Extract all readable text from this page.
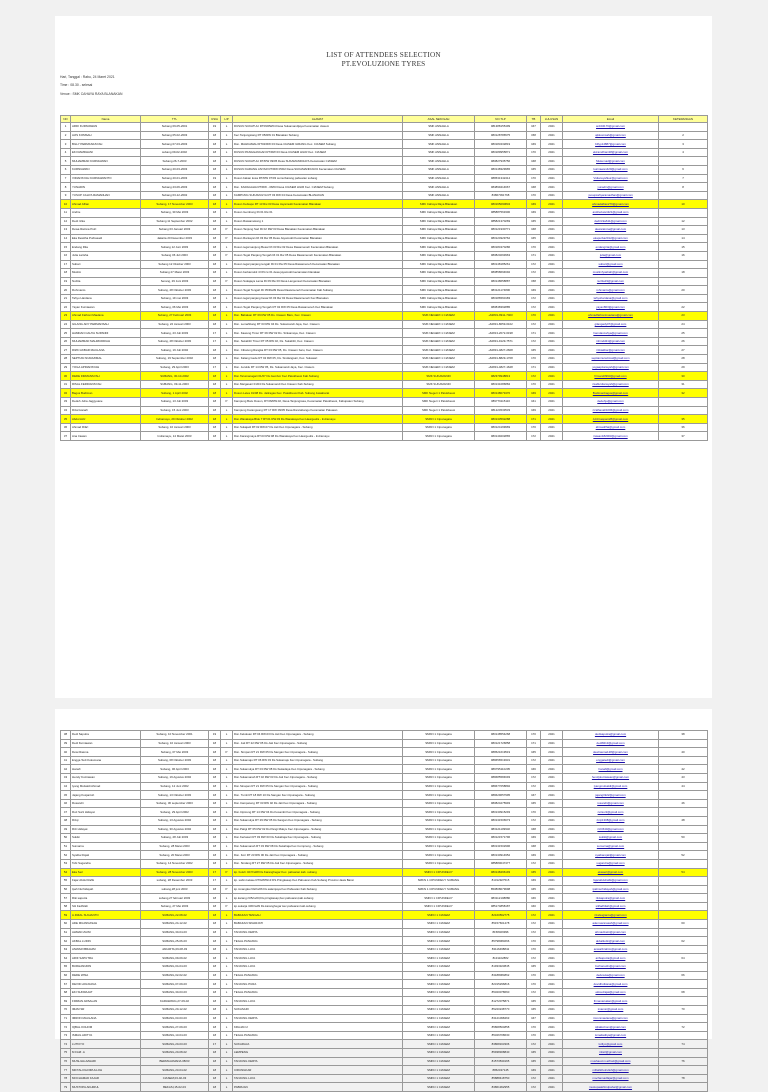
LIST OF ATTENDEES SELECTION
PT.EVOLUZIONE TYRES
Hari, Tanggal : Rabu, 24 Maret 2021
Time : 08.30 - selesai
Venue : SMK CAHAYA RAYA BLANAKAN
NO	Nama	TTL	USIA	L/P	ALAMAT	ASAL SEKOLAH	NO.TLP	TB	LULUSAN	Email	KETERANGAN
1	ARDI KURNIAWAN	Subang 09-05-2001	19	L	DUSUN SUKATULI RT09/RW04 Desa Sukamandijaya Kecamatan ciasem	SMK ANNAHLA	081388155499	167	2021	ardi04176@gmail.com	
2	AJIS KOMSAH	Subang 05-02-2003	18	L	Kec.Tanjungsiang RT 05/RW 01 Blanakan Subang	SMK ANNAHLA	083128786575	158	2021	ajiskomsah@gmail.com	2
3	BILLY PERMANASYAH	Subang 07-03-2003	18	L	Dsn. MAHKAMAH RT02/RW 03 Desa CIASEM GIRANG Kec. CIASEM Subang	SMK ANNAHLA	083183432819	169	2021	billyp14887@gmail.com	3
4	EKI RAMDHANI	subang 09-02-2002	18	L	DUSUN PANGGANGAN RT/RW 03 Desa CIASEM HILIR Kec. CIASEM	SMK ANNAHLA	083189955871	170	2021	ekiramdhani18@gmail.com	4
5	MUHAMMAD KURNIAWAN	Subang 26-7-2003	18	L	DUSUN SUKATULI RT/RW 09/05 Desa SUKAMANDIJAYA Kecamatan CIASEM	SMK ANNAHLA	083827935756	168	2021	Mukemad@gmail.com	
6	KURNIAWAN	Subang 20-03-2003	18	L	DUSUN KARANG ANYAR RT/RW 05/02 Desa SUKAMANDIJAYA Kecamatan CIASEM	SMK ANNAHLA	083148329965	165	2021	kurniawan420@gmail.com	6
7	VIDIANSYAH KURNIAWANTO	Subang 20-01-2003	19	L	Dusun bakan kosa RT/RW 07/03 sumurbarang pabuaran subang	SMK ANNAHLA	089531342414	170	2021	Vidiansyahkur@gmail.com	7
8	YUNADIN	Subang 23-06-2003	18	L	Dsn. KARAGAHA RT/RW - 08/03 Desa CIASEM HILIR Kec. CIASEM Subang	SMK ANNAHLA	084899414667	168	2021	yunadin@gmail.com	8
9	YUSUP CAHYA RAMADHAN	Subang 03-12-2002	18	L	KAMPUNG SUKAMULYA RT 03 RW 04 Desa Kecamatan BLANAKAN	SMK ANNAHLA	83867091768	170	2021	yusupcahyaramadhan@gmail.com	
10	Ahmad Alfian	Subang, 17 November 2003	18	L	Dusun Kerkapo RT 13 Rw 03 Desa Jayamukti Kecamatan Blanakan	SMK Cahaya Raya Blanakan	083165090834	169	2021	ahmadalfian279@gmail.com	10
11	Andrie	Subang, 30 Mei 2003	18	L	Dusun Gembong Rt 01 Rw 01	SMK Cahaya Raya Blanakan	085887563300	169	2021	andrieriwan321@gmail.com	
12	Dedi rizka	Subang 11 September 2002	18	L	Dusun Rawamekong 1	SMK Cahaya Raya Blanakan	085821370269	165	2021	dedirizka611@gmail.com	12
13	Dewa Ratnna Putri	Subang 03 Januari 2003	18	P	Dusun Tanjung Sari Rt 02 RW 03 Desa Blanakan Kecamatan Blanakan	SMK Cahaya Raya Blanakan	083121930771	168	2021	dewaratnna@gmail.com	13
14	Eka Dewitha Purbasadi	Jakarta 20 Desember 2003	18	P	Dusun Rantayan Rt 03 Rw 05 Desa Jayamukti Kecamatan Blanakan	SMK Cahaya Raya Blanakan	083124929762	165	2021	ekapurba2012@gmail.com	14
15	Endang Rita	Subang 12 Juni 2003	18	L	Dusun tegal sanjung Besar Rt 03 Rw 02 Desa Rawameneh Kecamatan Blanakan	SMK Cahaya Raya Blanakan	083184370286	170	2021	endangrita@gmail.com	15
16	Julia Larisha	Subang 06 Juli 2003	18	P	Dusun Tegal Panjang Tengah Rt 01 Rw 05 Desa Rawameneh Kecamatan Blanakan	SMK Cahaya Raya Blanakan	083824093963	171	2021	julia@gmail.com	16
17	Subari	Subang 12 Oktober 2003	18	L	Dusun tegal panjang tengah Rt 01 Rw 05 Desa Rawameneh Kecamatan Blanakan	SMK Cahaya Raya Blanakan	083148185261	172	2021	subari@gmail.com	
18	Muslim	Subang 27 Maret 2003	18	L	Dusun berkamukti 4 DN rw 01 desa jayamukti kecamatan blanakan	SMK Cahaya Raya Blanakan	083858694692	172	2021	muslimfyasbah@gmail.com	18
19	Nurlita	Serang, 29 Juni 2003	18	P	Dusun Sukajaya Lama Rt 09 Rw 03 Desa Langensari Kecamatan Blanakan	SMK Cahaya Raya Blanakan	083148658887	158	2021	nurlita19@gmail.com	
20	Rohmanto	Subang, 28 Oktober 2003	18	L	Dusun Tegal Tengah Rt 05/Rw09 Desa Rawameneh Kecamatan Kab.Subang	SMK Cahaya Raya Blanakan	083121174806	169	2021	rohmanto@gmail.com	20
21	Tahyo Hardana	Subang, 19 mei 2003	18	L	Dusun tegal panjang besar Rt 03 Rw 02 Desa Rawameneh Kec Blanakan	SMK Cahaya Raya Blanakan	083186560183	172	2021	tahyohardana@gmail.com	
22	Yayan Kurniawan	Subang, 06 Mei 2003	18	L	Dusun Tegal Panjang Tengah RT 02 RW 05 Desa Rawameneh Kec Blanakan	SMK Cahaya Raya Blanakan	083848392885	172	2021	yayan803@gmail.com	22
23	Ahmad Fathoni Maulana	Subang, 27 Februari 2003	18	L	Dsn. Babakan RT 09 RW 05 Ds. Ciasem Baru, Kec. Ciasem	SMK NEGERI 1 CIASEM	+62831-9911-7403	170	2021	ahmadfathonimaulana@gmail.com	23
24	GILANG ADY PERMANSAH	Subang, 22 Januari 2003	18	L	Dsn. Lemahbang RT 03 RW 04 Ds. Sukamandi Jaya, Kec. Ciasem	SMK NEGERI 1 CIASEM	+62831-8059-6102	172	2021	gilangady07@gmail.com	24
25	HAMDAN CAHYA SUPANDI	Subang, 23 Juli 2003	17	L	Dsn. Kaweng Timur RT 09 RW 02 Ds. Sinkamaya, Kec. Ciasem	SMK NEGERI 1 CIASEM	+62813-2072-6198	171	2021	hamdancahya@gmail.com	25
26	MUHAMMAD MAHMUDDIAH	Subang, 28 Oktober 2003	17	L	Dsn. Sukahilir Timur RT 05 RW 02, Ds. Sukahilir, Kec. Ciasem	SMK NEGERI 1 CIASEM	+62831-9129-7571	172	2021	mhmdd21@gmail.com	26
27	RIZKI AKBAR MAULANA	Subang, 19 Juli 2002	18	L	Dsn. Cibarung Rangka RT 03 RW 05, Ds. Ciasem baru, Kec. Ciasem	SMK NEGERI 1 CIASEM	+62831-4827-2608	165	2021	rizkiakbar@gmail.com	27
28	SEPTIAN NURAZIMAL	Subang, 19 September 2002	18	L	Dsn. Kalang Gede RT 02 RW 05, Ds. Sindangsari, Kec. Sukasari	SMK NEGERI 1 CIASEM	+62831-8829-1708	170	2021	septiannurazimal@gmail.com	28
29	YOGA APRIANSYAH	Subang, 29 April 2003	17	L	Dsn. Jeruklu RT 14 RW 05, Ds. Sukamandi Jaya, Kec. Ciasem	SMK NEGERI 1 CIASEM	+62831-4827-1628	171	2021	yogaapriansyah@gmail.com	29
30	DEDE FIRMANSYAH	SUBANG, 30-10-2002	18	L	Dsn.Tarumanagari 01/07 Ds.Gembor Kec.Patokbeusi Kab.Subang	SMK SUKAMANDI	082379948813	172	2021	firman43993@gmail.com	30
31	RISAL FERDIANSYAH	SUBANG, 09-11-2003	18	L	Dsn.Margasari 01/04 Ds.Sukamandi Kec.Ciasem Kab.Subang	SMK SUKAMANDI	083131086884	170	2021	risalferdiansyah@gmail.com	31
32	Bagus Budiman	Subang, 1 April 2002	18	L	Dusun Leles 01/08 Ds. Jatiragas Kec. Patokbeusi Kab. Subang Jawabarat	SMK Negeri 1 Patokbeusi	083148073470	169	2021	Budimanbagus@gmail.com	32
33	Dedeh Juha Jaggyuane	Subang, 13 Juli 2003	18	P	Kampung Baru Dusun, RT.06/RW.02, Desa Tanjungrasa, Kecamatan Patokbeusi, Kabupaten Subang	SMK Negeri 1 Patokbeusi	089779115116	161	2021	dedehju@gmail.com	
34	Rizal Hanafi	Subang, 15 Juni 2003	18	L	Kampung Karangsong RT 17 RW 09/05 Desa Rancabango Kecamatan Pakuaan	SMK Negeri 1 Patokbeusi	081224533533	169	2021	rizalhanafi1006@gmail.com	
35	Abdul Aziz	Indramayu, 29 Oktober 2002	18	L	Dsn.Wanakaya Blok 7 RT.01 RW.03 Ds.Wanakaya Kec.Haurgeulis - Indramayu	SMKN 1 Cipunagara	083133592288	171	2021	AzizCaspani28@gmail.com	35
36	Ahmad Rifa'i	Subang, 10 Januari 2003	18	L	Dsn.Sukajadi RT.02 RW.07 Ds.Jati Kec.Cipunagara - Subang	SMKN 1 Cipunagara	083124199969	170	2021	ahmadrifai@gmail.com	36
37	Ana Irawan	Indramayu, 14 Maret 2003	18	L	Dsn.Karangmaya RT.03 RW.08 Ds.Wanakaya Kec.Haurgeulis - Indramayu	SMKN 1 Cipunagara	083149202865	172	2021	irawan182003@gmail.com	37
38	Dedi Saputra	Subang, 10 November 2001	19	L	Dsn.Kelukuan RT.04 RW.03 Ds.Jati Kec.Cipunagara - Subang	SMKN 1 Cipunagara	083148554268	170	2021	dedisaputra@gmail.com	38
39	Dedi Kurniawan	Subang, 10 Januari 2003	18	L	Dsn. Jati RT 22 RW 05 Ds.Jati Kec.Cipunagara - Subang	SMKN 1 Cipunagara	083121726858	171	2021	dedi8413@gmail.com	
40	Dewi Rasma	Subang, 07 Mei 2003	18	P	Dsn. Simpan RT 21 RW 05 Ds.Sangan Kec.Cipunagara - Subang	SMKN 1 Cipunagara	089521619519	165	2021	dewirasma128@gmail.com	40
41	Engga Tedi Kokumana	Subang, 08 Oktober 2003	18	L	Dsn.Sukamaju RT 06 RW 03 Ds.Sukamaju Kec.Cipunagara - Subang	SMKN 1 Cipunagara	089656519331	172	2021	enggatedi@gmail.com	
42	Hanafi	Subang, 06 April 2003	18	L	Dsn.Sukamulya RT 03 RW 08 Ds.Sukadaya Kec.Cipunagara - Subang	SMKN 1 Cipunagara	089795110205	166	2021	hanafi@gmail.com	42
43	Hendy Kurniawan	Subang, 19 Agustus 2002	18	L	Dsn.Sukamanah RT 02 RW 03 Ds.Jati Kec.Cipunagara - Subang	SMKN 1 Cipunagara	089685584693	172	2021	hendykurniawan@gmail.com	43
44	Iyang Mulsaldi Ahmad	Subang, 12 Juni 2002	18	L	Dsn.Sinapan RT 21 RW 05 Ds.Sangan Kec.Cipunagara - Subang	SMKN 1 Cipunagara	089677058892	172	2021	iyangmulsaldi@gmail.com	44
45	Jajang Kusjantoh	Subang, 13 Oktober 2003	18	L	Dsn. Tumli RT 18 RW 10 Ds.Sangan Kec.Cipunagara - Subang	SMKN 1 Cipunagara	089629657995	167	2021	jajang1922@gmail.com	
46	Rosandri	Subang, 30 september 2003	18	L	Dsn.Campeteng RT 03 RW 02 Ds.Jati Kec.Cipunagara - Subang	SMKN 1 Cipunagara	083824275993	165	2021	rosandri@gmail.com	46
47	Ruri Surti Hidayat	Subang, 29 April 2002	18	L	Dsn.Cipicung RT 14 RW 04 Ds.Kosambi Kec.Cipunagara - Subang	SMKN 1 Cipunagara	083130915293	170	2021	rurisurti@gmail.com	
48	Rizqi	Subang, 13 Agustus 2002	18	L	Dsn.Sukamulya RT 29 RW 05 Ds.Sangan Kec.Cipunagara - Subang	SMKN 1 Cipunagara	083131506673	172	2021	rizqi1308@gmail.com	48
49	Rizi Hidayat	Subang, 30 Agustus 2002	18	L	Dsn.Patigi RT 05 RW 02 Ds.Pangi Makyu Kec.Cipunagara - Subang	SMKN 1 Cipunagara	083121109932	168	2021	rizi1540@gmail.com	
50	Sukiki	Subang, 28 Juli 2003	18	L	Dsn.Kertasari RT 03 RW 03 Ds.Sukahaja Kec.Cipunagara - Subang	SMKN 1 Cipunagara	083121571796	169	2021	sukiki@gmail.com	50
51	Sumarna	Subang, 28 Maret 2003	18	L	Dsn.Sukamanah RT 03 RW 08 Ds.Sukahaja Kec.Compreng - Subang	SMKN 1 Cipunagara	083131502996	168	2021	sumarna@gmail.com	
52	Syaiba Rojati	Subang, 20 Maret 2003	18	L	Dsn. Kori RT 23 RW 06 Ds.Jati Kec.Cipunagara - Subang	SMKN 1 Cipunagara	083130914952	169	2021	syaibarojati@gmail.com	52
53	Tobi Sugandra	Subang, 14 November 2002	18	L	Dsn. Sindang RT 27 RW 05 Ds.Jati Kec.Cipunagara - Subang	SMKN 1 Cipunagara	085880047477	172	2021	sugandra@gmail.com	
54	Eka Seri	Subang, 28 November 2003	17	P	kp. butuh rt07/rw08 Ds.Karanghegar Kec. pabuaran kab. subang	SMKN 1 CIPUNDEUY	083148496193	165	2021	ekaseri@gmail.com	54
55	Fajar Abdul Rafik	subang, 28 Desember 2003	17	L	kp. sabin kelase RT02/RW13 DS.Pringkasap Kec.Pabuaran Kab.Subang Provinsi Jawa Barat	SMKN 1 CIPUNDEUY SUBANG	81312927515	169	2021	fajarabdulrafik@gmail.com	
56	Ipah Nurhidayah	subang,28 juni 2003	18	P	kp.mnangka rt02/rw06 Ds.salamjaya Kec.Pabuaran Kab.Subang	SMKN 1 CIPUNDEUY SUBANG	853808079698	165	2021	ipahnurhidayah@gmail.com	
57	Riki saputra	subang,27 februari 2003	18	L	kp.karang rt05/rw03,Ds.pringkasap,Kec.pabuaran,kab.subang	SMKN 1 CIPUNDEUY	083112108880	166	2021	rikisaputra@gmail.com	
58	Siti Fadhilah	Subang, 27 Mei 2003	18	P	kp.sukarja rt06/rw09 Ds.karanghegar kec.pabuaran kab.subang	SMKN 1 CIPUNDEUY	085174858187	160	2021	sitifadhilah@gmail.com	
59	A.RIZAL SUGIANTO	SUBANG,22-08-02	18	L	BABAKAN TENGAH	SMKN 1 CIASEM	82160562775	172	2021	rizalsugianto@gmail.com	
60	ADE MUANNASAH	SUBANG,24-12-02	18	L	BABAKAN SINARJATI	SMKN 1 CIASEM	85157601478	172	2021	ademuannasah@gmail.com	60
61	AHMAD ZAINI	SUBANG,30-04-03	18	L	TANJUNG KERTA	SMKN 1 CIASEM	8158409996	172	2021	ahmadzaini@gmail.com	
62	AKBAL LUDIN	SUBANG,25-06-03	18	L	TEGAL PANJANG	SMKN 1 CIASEM	85798084666	170	2021	akballudin@gmail.com	62
63	ANWAR IBRAHIM	JAKARTA,09-08-03	18	L	TANJUNG LAYA	SMKN 1 CIASEM	83116468842	170	2021	anwaribrahim@gmail.com	
64	ARIF SAPUTRA	SUBANG,09-09-02	18	L	TANJUNG LAYA	SMKN 1 CIASEM	8131102882	172	2021	arifsaputra@gmail.com	64
65	BURHANUDIN	SUBANG,04-04-03	18	L	TANJUNG LAYA	SMKN 1 CIASEM	81933323845	165	2021	burhanudin@gmail.com	
66	DEDE WISA	SUBANG,02-02-02	18	L	TEGAL PANJANG	SMKN 1 CIASEM	83188084862	170	2021	dedewisa@gmail.com	66
67	DEVID HOLKIANA	SUBANG,07-09-03	18	L	TANJUNG PURA	SMKN 1 CIASEM	82315296816	170	2021	devidholkiana@gmail.com	
68	EKI SUDRAJAT	SUBANG,30-03-03	18	L	TEGAL PANJANG	SMKN 1 CIASEM	85320078660	172	2021	ekisudrajat@gmail.com	68
69	FIRMAN ARSALAN	KARAWANG,27-09-02	18	L	TANJUNG LAYA	SMKN 1 CIASEM	81272075871	165	2021	firmanarsalan@gmail.com	
70	IMAM SR	SUBANG,20-12-02	18	L	SUKASARI	SMKN 1 CIASEM	85220248770	165	2021	imamsr@gmail.com	70
71	IMRON MAULANA	SUBANG,03-03-03	18	L	TANJUNG KERTA	SMKN 1 CIASEM	83121098463	167	2021	imronmaulana@gmail.com	
72	IQBAL KOHOM	SUBANG,27-09-03	18	L	KRAJAN 2	SMKN 1 CIASEM	85808504858	170	2021	iqbalkohom@gmail.com	72
73	ISMAIL ADITYA	SUBANG,13-04-03	18	L	TEGAL PANJANG	SMKN 1 CIASEM	85326708630	170	2021	ismailaditya@gmail.com	
74	LUTFIYO	SUBANG,20-03-03	17	L	SUKARAJA	SMKN 1 CIASEM	83808163306	172	2021	lutfiyo@gmail.com	74
75	M FAIZ .A	SUBANG,20-08-02	18	L	LEMPENG	SMKN 1 CIASEM	85938308840	165	2021	mfaiz@gmail.com	
76	MUSLIHA AZHARI	BERMAJAMANA 08/03	18	L	TANJUNG KERTA	SMKN 1 CIASEM	81573530165	165	2021	mushaud.m.azhari@gmail.com	76
77	MIFTAH KHOIRULLOH	SUBANG,23-04-02	18	L	CIRUNGKAR	SMKN 1 CIASEM	8952437145	169	2021	miftahkhoirulloh@gmail.com	
78	MOCHAMAD FAJAR	CIASEM,03-02-03	18	L	TANJUNG LAYA	SMKN 1 CIASEM	85888418750	172	2021	mochamadfajar@gmail.com	78
79	MUSTOPA AKHIRUL	BEKASI,15-02-03	18	L	PABRUAN	SMKN 1 CIASEM	83861362955	172	2021	mustopaakhirulpahar@gmail.com	
